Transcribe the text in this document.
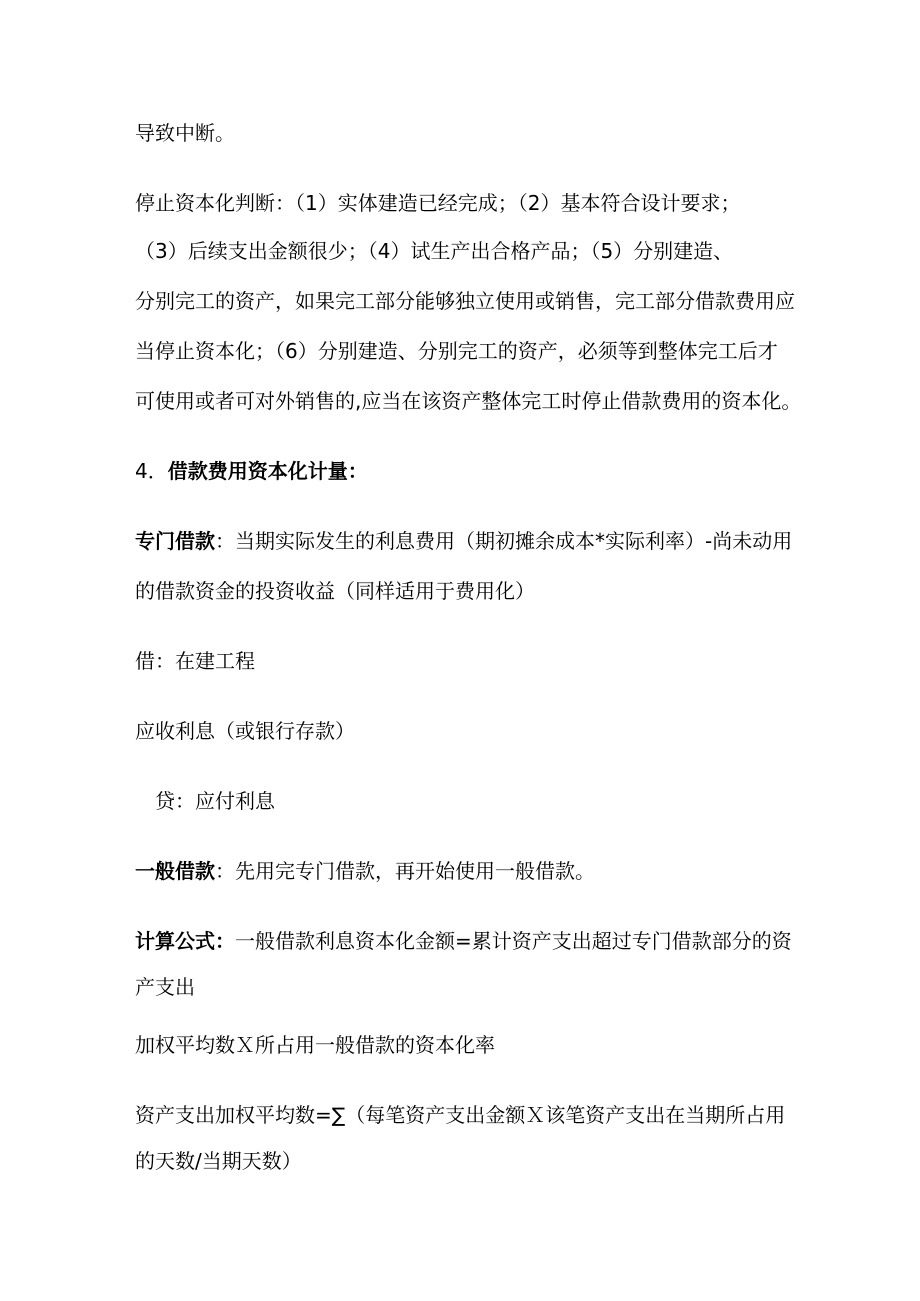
导致中断。
停止资本化判断：（1）实体建造已经完成；（2）基本符合设计要求；
（3）后续支出金额很少；（4）试生产出合格产品；（5）分别建造、
分别完工的资产，如果完工部分能够独立使用或销售，完工部分借款费用应
当停止资本化；（6）分别建造、分别完工的资产，必须等到整体完工后才
可使用或者可对外销售的,应当在该资产整体完工时停止借款费用的资本化。
4．借款费用资本化计量：
专门借款：当期实际发生的利息费用（期初摊余成本*实际利率）-尚未动用
的借款资金的投资收益（同样适用于费用化）
借：在建工程
应收利息（或银行存款）
贷：应付利息
一般借款：先用完专门借款，再开始使用一般借款。
计算公式：一般借款利息资本化金额=累计资产支出超过专门借款部分的资
产支出
加权平均数Ｘ所占用一般借款的资本化率
资产支出加权平均数=∑（每笔资产支出金额Ｘ该笔资产支出在当期所占用
的天数/当期天数）
